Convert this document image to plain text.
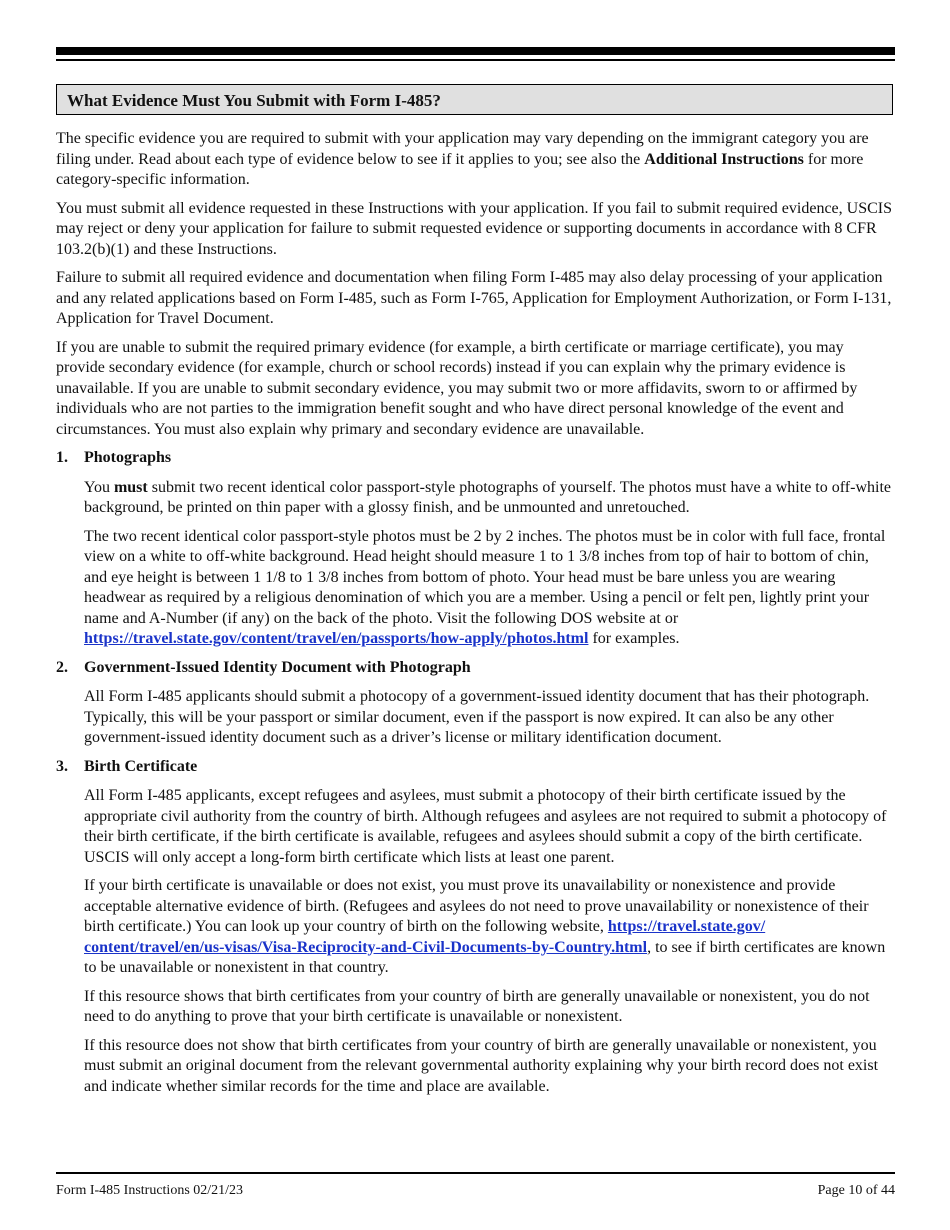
What Evidence Must You Submit with Form I-485?

The specific evidence you are required to submit with your application may vary depending on the immigrant category you are filing under. Read about each type of evidence below to see if it applies to you; see also the Additional Instructions for more category-specific information.

You must submit all evidence requested in these Instructions with your application. If you fail to submit required evidence, USCIS may reject or deny your application for failure to submit requested evidence or supporting documents in accordance with 8 CFR 103.2(b)(1) and these Instructions.

Failure to submit all required evidence and documentation when filing Form I-485 may also delay processing of your application and any related applications based on Form I-485, such as Form I-765, Application for Employment Authorization, or Form I-131, Application for Travel Document.

If you are unable to submit the required primary evidence (for example, a birth certificate or marriage certificate), you may provide secondary evidence (for example, church or school records) instead if you can explain why the primary evidence is unavailable. If you are unable to submit secondary evidence, you may submit two or more affidavits, sworn to or affirmed by individuals who are not parties to the immigration benefit sought and who have direct personal knowledge of the event and circumstances. You must also explain why primary and secondary evidence are unavailable.

1.	Photographs

You must submit two recent identical color passport-style photographs of yourself. The photos must have a white to off-white background, be printed on thin paper with a glossy finish, and be unmounted and unretouched.

The two recent identical color passport-style photos must be 2 by 2 inches. The photos must be in color with full face, frontal view on a white to off-white background. Head height should measure 1 to 1 3/8 inches from top of hair to bottom of chin, and eye height is between 1 1/8 to 1 3/8 inches from bottom of photo. Your head must be bare unless you are wearing headwear as required by a religious denomination of which you are a member. Using a pencil or felt pen, lightly print your name and A-Number (if any) on the back of the photo. Visit the following DOS website at or https://travel.state.gov/content/travel/en/passports/how-apply/photos.html for examples.

2.	Government-Issued Identity Document with Photograph

All Form I-485 applicants should submit a photocopy of a government-issued identity document that has their photograph. Typically, this will be your passport or similar document, even if the passport is now expired. It can also be any other government-issued identity document such as a driver’s license or military identification document.

3.	Birth Certificate

All Form I-485 applicants, except refugees and asylees, must submit a photocopy of their birth certificate issued by the appropriate civil authority from the country of birth. Although refugees and asylees are not required to submit a photocopy of their birth certificate, if the birth certificate is available, refugees and asylees should submit a copy of the birth certificate. USCIS will only accept a long-form birth certificate which lists at least one parent.

If your birth certificate is unavailable or does not exist, you must prove its unavailability or nonexistence and provide acceptable alternative evidence of birth. (Refugees and asylees do not need to prove unavailability or nonexistence of their birth certificate.) You can look up your country of birth on the following website, https://travel.state.gov/
content/travel/en/us-visas/Visa-Reciprocity-and-Civil-Documents-by-Country.html, to see if birth certificates are known to be unavailable or nonexistent in that country.

If this resource shows that birth certificates from your country of birth are generally unavailable or nonexistent, you do not need to do anything to prove that your birth certificate is unavailable or nonexistent.

If this resource does not show that birth certificates from your country of birth are generally unavailable or nonexistent, you must submit an original document from the relevant governmental authority explaining why your birth record does not exist and indicate whether similar records for the time and place are available.

Form I-485 Instructions 02/21/23	Page 10 of 44
